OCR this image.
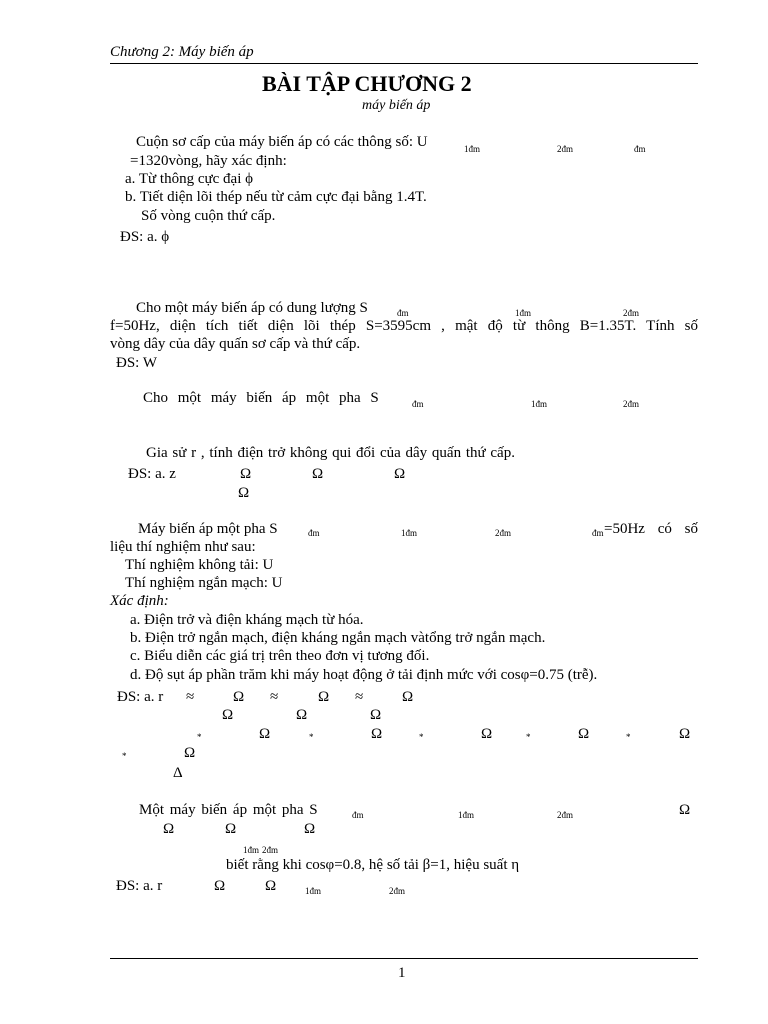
Chương 2: Máy biến áp
BÀI TẬP CHƯƠNG 2
máy biến áp
Cuộn sơ cấp của máy biến áp có các thông số: U	1đm	2đm	đm
=1320vòng, hãy xác định:
a. Từ thông cực đại ϕ
b. Tiết diện lõi thép nếu từ cảm cực đại bằng 1.4T.
Số vòng cuộn thứ cấp.
ĐS: a. ϕ
Cho một máy biến áp có dung lượng S	đm	1đm	2đm
f=50Hz, diện tích tiết diện lõi thép S=3595cm , mật độ từ thông B=1.35T. Tính số
vòng dây của dây quấn sơ cấp và thứ cấp.
ĐS: W
Cho một máy biến áp một pha S	đm	1đm	2đm
Gia sử r , tính điện trở không qui đổi của dây quấn thứ cấp.
ĐS: a. z	Ω	Ω	Ω
Ω
Máy biến áp một pha S	đm	1đm	2đm	đm =50Hz có số
liệu thí nghiệm như sau:
Thí nghiệm không tải: U
Thí nghiệm ngắn mạch: U
Xác định:
a. Điện trở và điện kháng mạch từ hóa.
b. Điện trở ngắn mạch, điện kháng ngắn mạch vàtổng trở ngắn mạch.
c. Biểu diễn các giá trị trên theo đơn vị tương đối.
d. Độ sụt áp phần trăm khi máy hoạt động ở tải định mức với cosφ=0.75 (trễ).
ĐS: a. r ≈	Ω ≈	Ω ≈	Ω
Ω	Ω	Ω
*	Ω	*	Ω	*	Ω	*	Ω	*	Ω
*	Ω
Δ
Một máy biến áp một pha S	đm	1đm	2đm	Ω
Ω	Ω	Ω
1đm 2đm
biết rằng khi cosφ=0.8, hệ số tải β=1, hiệu suất η
ĐS: a. r	Ω	Ω	1đm	2đm
1
